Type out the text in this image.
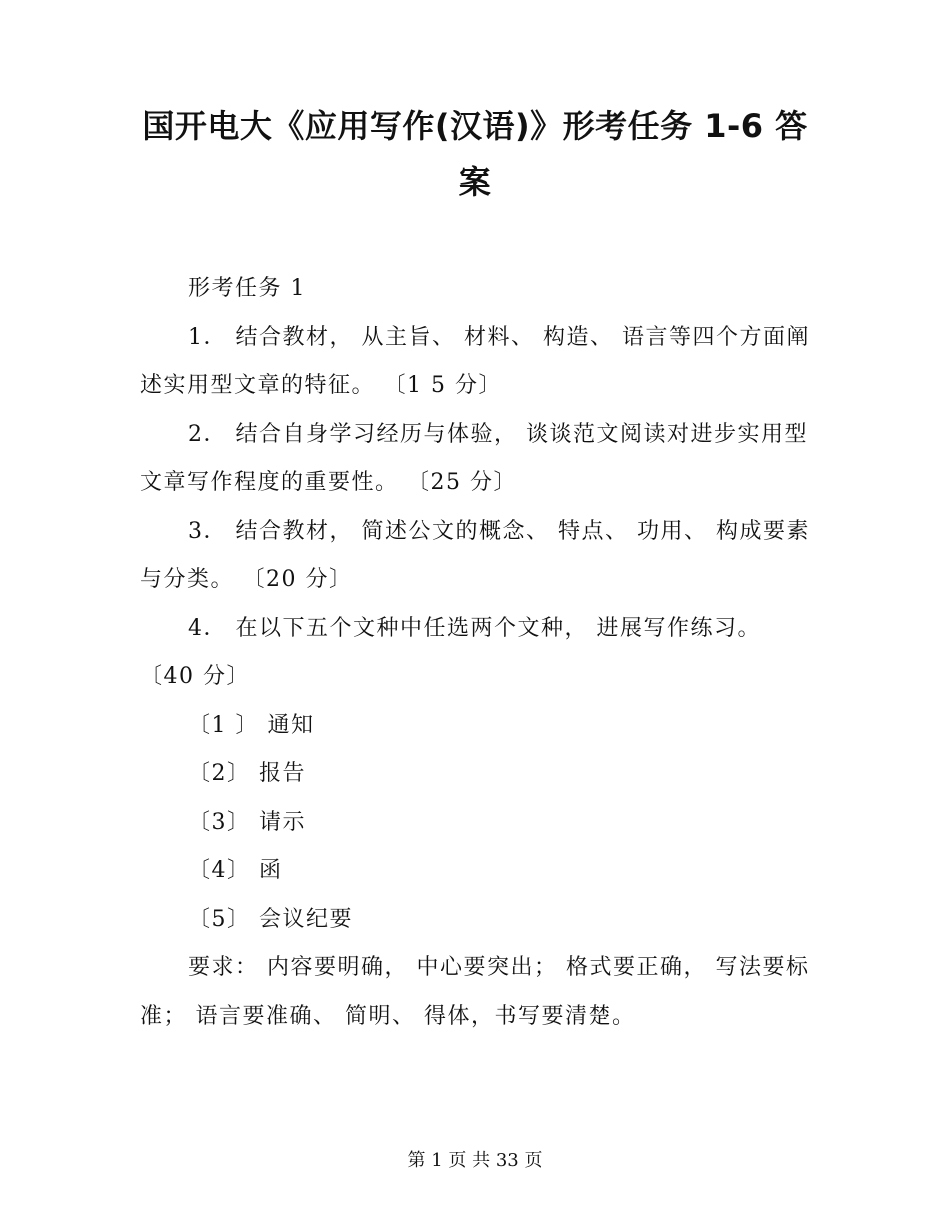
国开电大《应用写作(汉语)》形考任务 1-6 答案

形考任务 1

1． 结合教材， 从主旨、 材料、 构造、 语言等四个方面阐述实用型文章的特征。 〔1 5 分〕

2． 结合自身学习经历与体验， 谈谈范文阅读对进步实用型文章写作程度的重要性。 〔25 分〕

3． 结合教材， 简述公文的概念、 特点、 功用、 构成要素与分类。 〔20 分〕

4． 在以下五个文种中任选两个文种， 进展写作练习。 〔40 分〕

〔1 〕 通知

〔2〕 报告

〔3〕 请示

〔4〕 函

〔5〕 会议纪要

要求： 内容要明确， 中心要突出； 格式要正确， 写法要标准； 语言要准确、 简明、 得体，书写要清楚。

第 1 页 共 33 页
